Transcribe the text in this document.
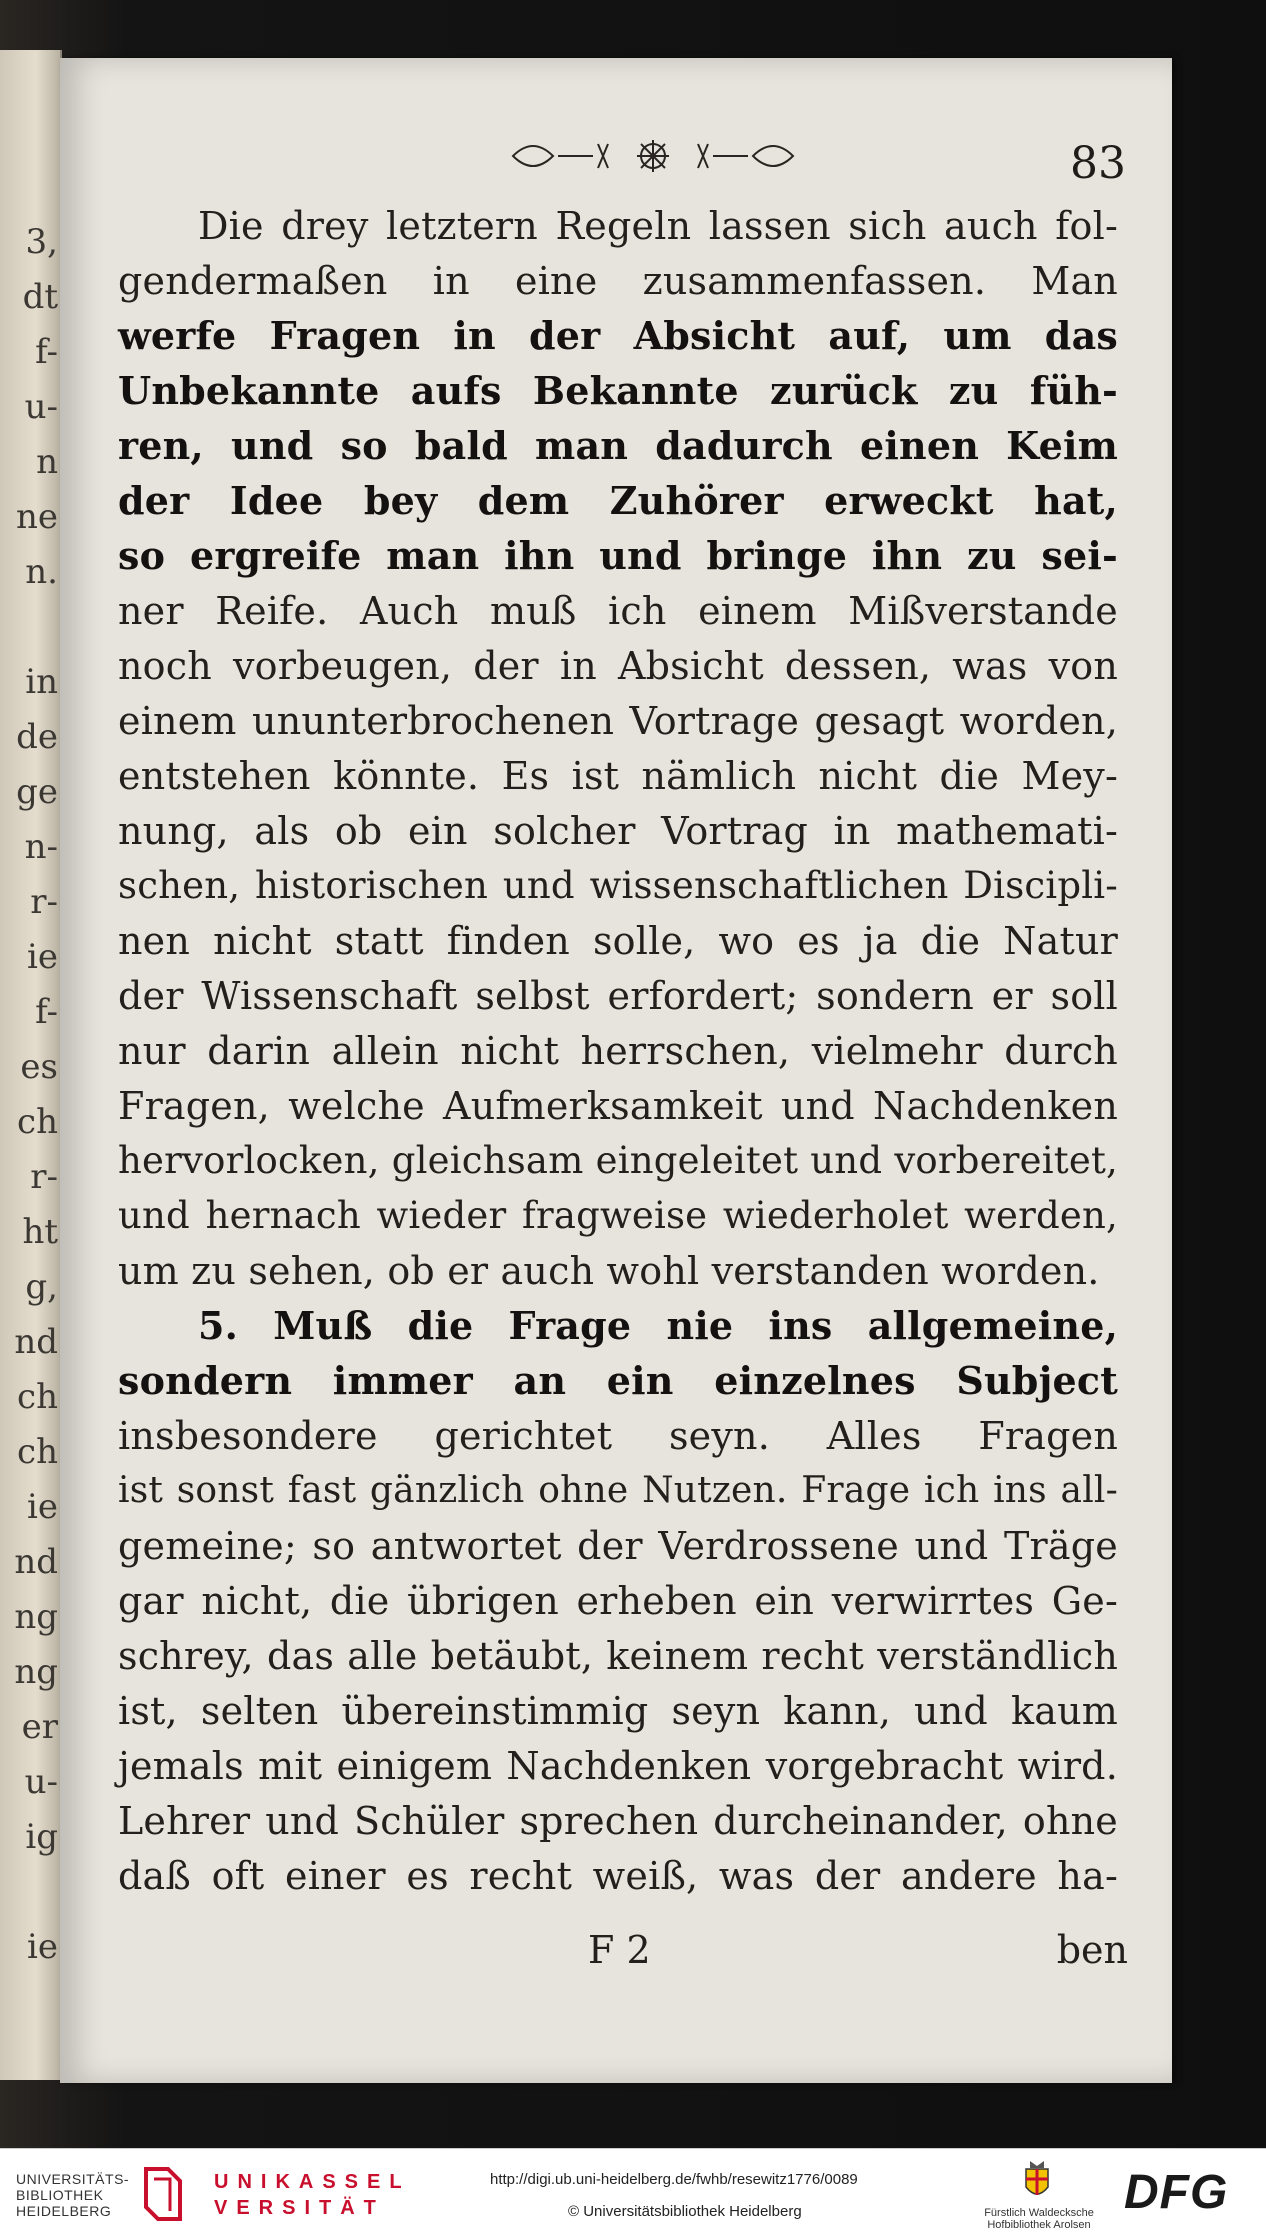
3,
dt
f-
u-
n
ne
n.
in
de
ge
n-
r-
ie
f-
es
ch
r-
ht
g,
nd
ch
ch
ie
nd
ng
ng
er
u-
ig
ie
83
Die drey letztern Regeln lassen sich auch fol-
gendermaßen in eine zusammenfassen. Man
werfe Fragen in der Absicht auf, um das
Unbekannte aufs Bekannte zurück zu füh-
ren, und so bald man dadurch einen Keim
der Idee bey dem Zuhörer erweckt hat,
so ergreife man ihn und bringe ihn zu sei-
ner Reife. Auch muß ich einem Mißverstande
noch vorbeugen, der in Absicht dessen, was von
einem ununterbrochenen Vortrage gesagt worden,
entstehen könnte. Es ist nämlich nicht die Mey-
nung, als ob ein solcher Vortrag in mathemati-
schen, historischen und wissenschaftlichen Discipli-
nen nicht statt finden solle, wo es ja die Natur
der Wissenschaft selbst erfordert; sondern er soll
nur darin allein nicht herrschen, vielmehr durch
Fragen, welche Aufmerksamkeit und Nachdenken
hervorlocken, gleichsam eingeleitet und vorbereitet,
und hernach wieder fragweise wiederholet werden,
um zu sehen, ob er auch wohl verstanden worden.
5. Muß die Frage nie ins allgemeine,
sondern immer an ein einzelnes Subject
insbesondere gerichtet seyn. Alles Fragen
ist sonst fast gänzlich ohne Nutzen. Frage ich ins all-
gemeine; so antwortet der Verdrossene und Träge
gar nicht, die übrigen erheben ein verwirrtes Ge-
schrey, das alle betäubt, keinem recht verständlich
ist, selten übereinstimmig seyn kann, und kaum
jemals mit einigem Nachdenken vorgebracht wird.
Lehrer und Schüler sprechen durcheinander, ohne
daß oft einer es recht weiß, was der andere ha-
F 2	ben
UNIVERSITÄTS-
BIBLIOTHEK
HEIDELBERG
UNIKASSEL
VERSITÄT
http://digi.ub.uni-heidelberg.de/fwhb/resewitz1776/0089
© Universitätsbibliothek Heidelberg	Fürstlich Waldecksche
Hofbibliothek Arolsen
DFG
